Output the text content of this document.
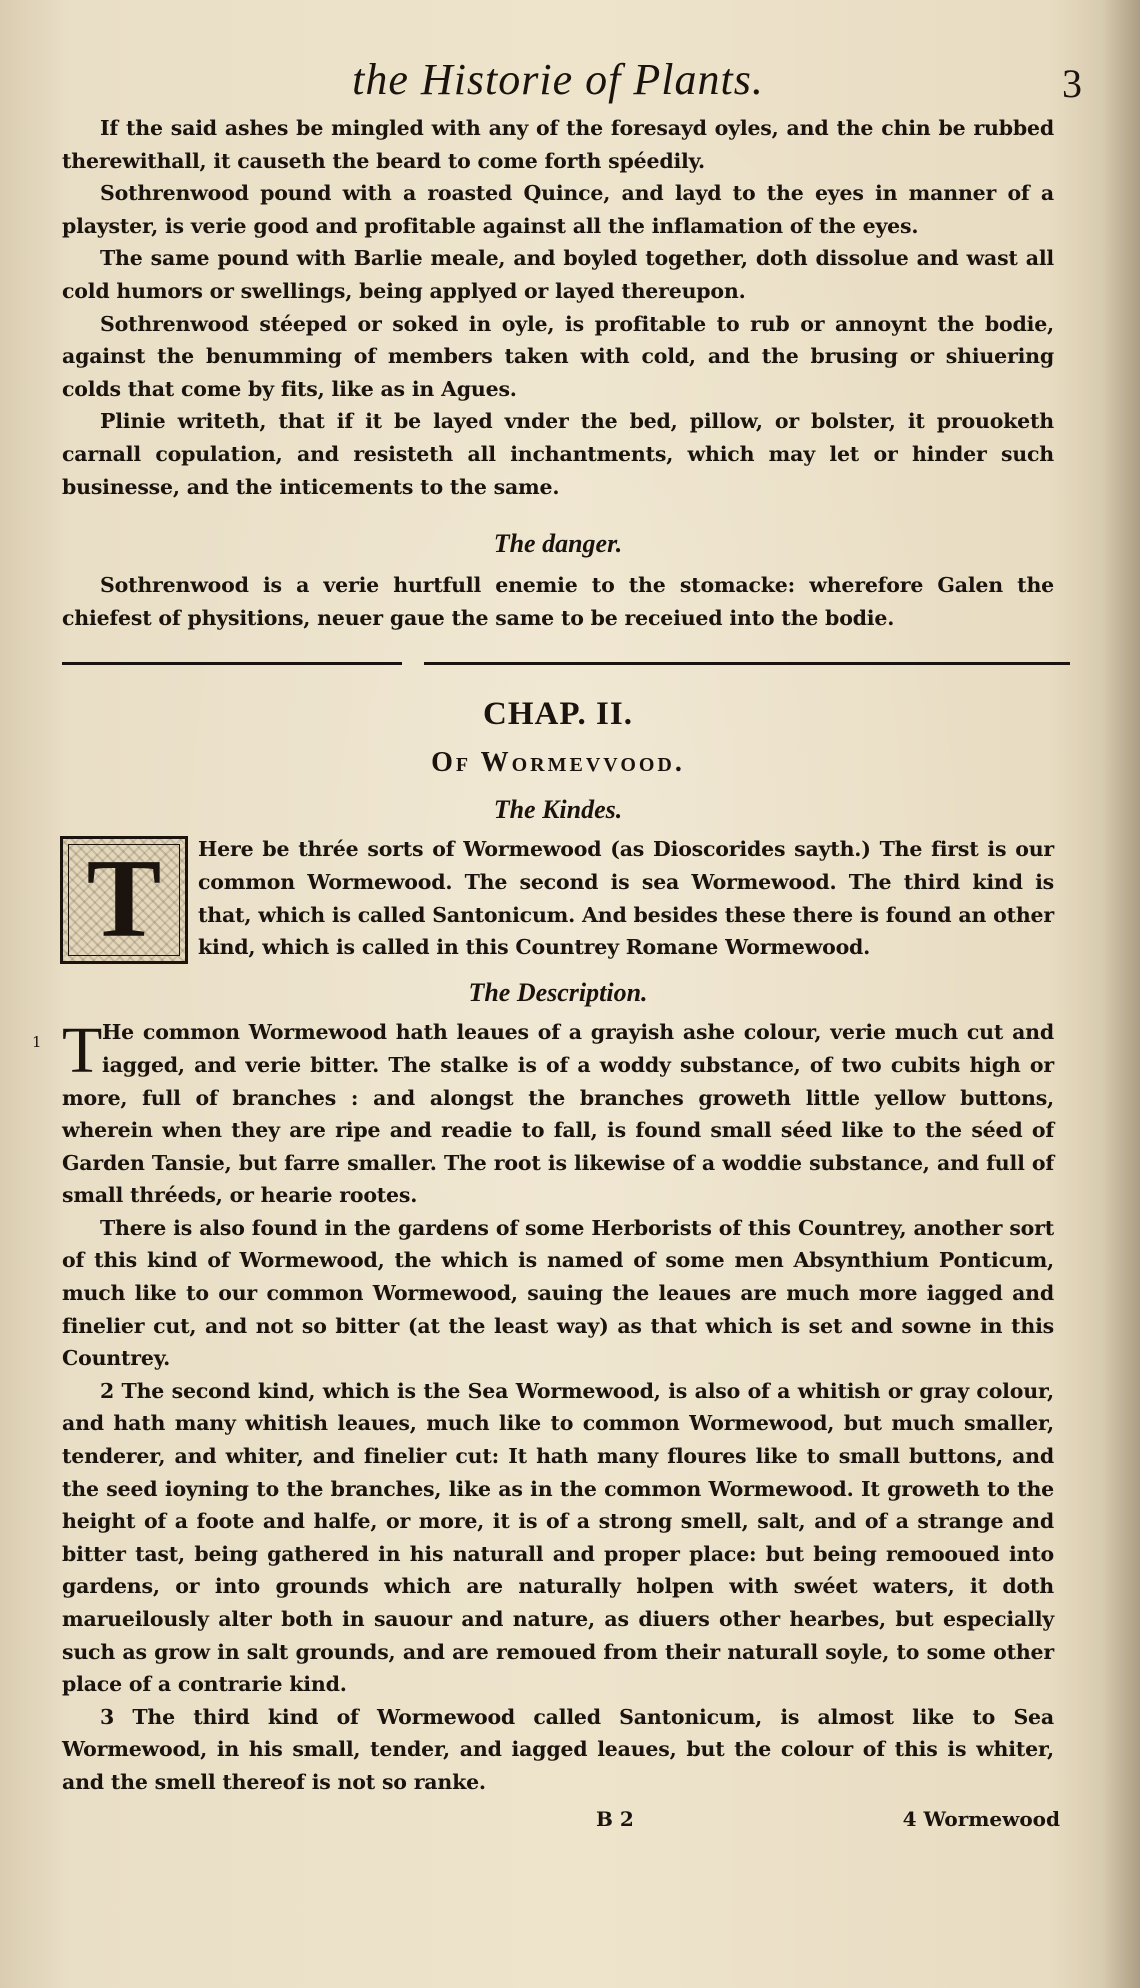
the Historie of Plants.	3

If the said ashes be mingled with any of the foresayd oyles, and the chin be rubbed therewithall, it causeth the beard to come forth spéedily.

Sothrenwood pound with a roasted Quince, and layd to the eyes in manner of a playster, is verie good and profitable against all the inflamation of the eyes.

The same pound with Barlie meale, and boyled together, doth dissolue and wast all cold humors or swellings, being applyed or layed thereupon.

Sothrenwood stéeped or soked in oyle, is profitable to rub or annoynt the bodie, against the benumming of members taken with cold, and the brusing or shiuering colds that come by fits, like as in Agues.

Plinie writeth, that if it be layed vnder the bed, pillow, or bolster, it prouoketh carnall copulation, and resisteth all inchantments, which may let or hinder such businesse, and the inticements to the same.

The danger.

Sothrenwood is a verie hurtfull enemie to the stomacke: wherefore Galen the chiefest of physitions, neuer gaue the same to be receiued into the bodie.

CHAP. II.
Of Wormevvood.
The Kindes.
T	Here be thrée sorts of Wormewood (as Dioscorides sayth.) The first is our common Wormewood. The second is sea Wormewood. The third kind is that, which is called Santonicum. And besides these there is found an other kind, which is called in this Countrey Romane Wormewood.

The Description.
1 T He common Wormewood hath leaues of a grayish ashe colour, verie much cut and iagged, and verie bitter. The stalke is of a woddy substance, of two cubits high or more, full of branches : and alongst the branches groweth little yellow buttons, wherein when they are ripe and readie to fall, is found small séed like to the séed of Garden Tansie, but farre smaller. The root is likewise of a woddie substance, and full of small thréeds, or hearie rootes.

There is also found in the gardens of some Herborists of this Countrey, another sort of this kind of Wormewood, the which is named of some men Absynthium Ponticum, much like to our common Wormewood, sauing the leaues are much more iagged and finelier cut, and not so bitter (at the least way) as that which is set and sowne in this Countrey.

2 The second kind, which is the Sea Wormewood, is also of a whitish or gray colour, and hath many whitish leaues, much like to common Wormewood, but much smaller, tenderer, and whiter, and finelier cut: It hath many floures like to small buttons, and the seed ioyning to the branches, like as in the common Wormewood. It groweth to the height of a foote and halfe, or more, it is of a strong smell, salt, and of a strange and bitter tast, being gathered in his naturall and proper place: but being remooued into gardens, or into grounds which are naturally holpen with swéet waters, it doth marueilously alter both in sauour and nature, as diuers other hearbes, but especially such as grow in salt grounds, and are remoued from their naturall soyle, to some other place of a contrarie kind.

3 The third kind of Wormewood called Santonicum, is almost like to Sea Wormewood, in his small, tender, and iagged leaues, but the colour of this is whiter, and the smell thereof is not so ranke.

B 2	4 Wormewood
